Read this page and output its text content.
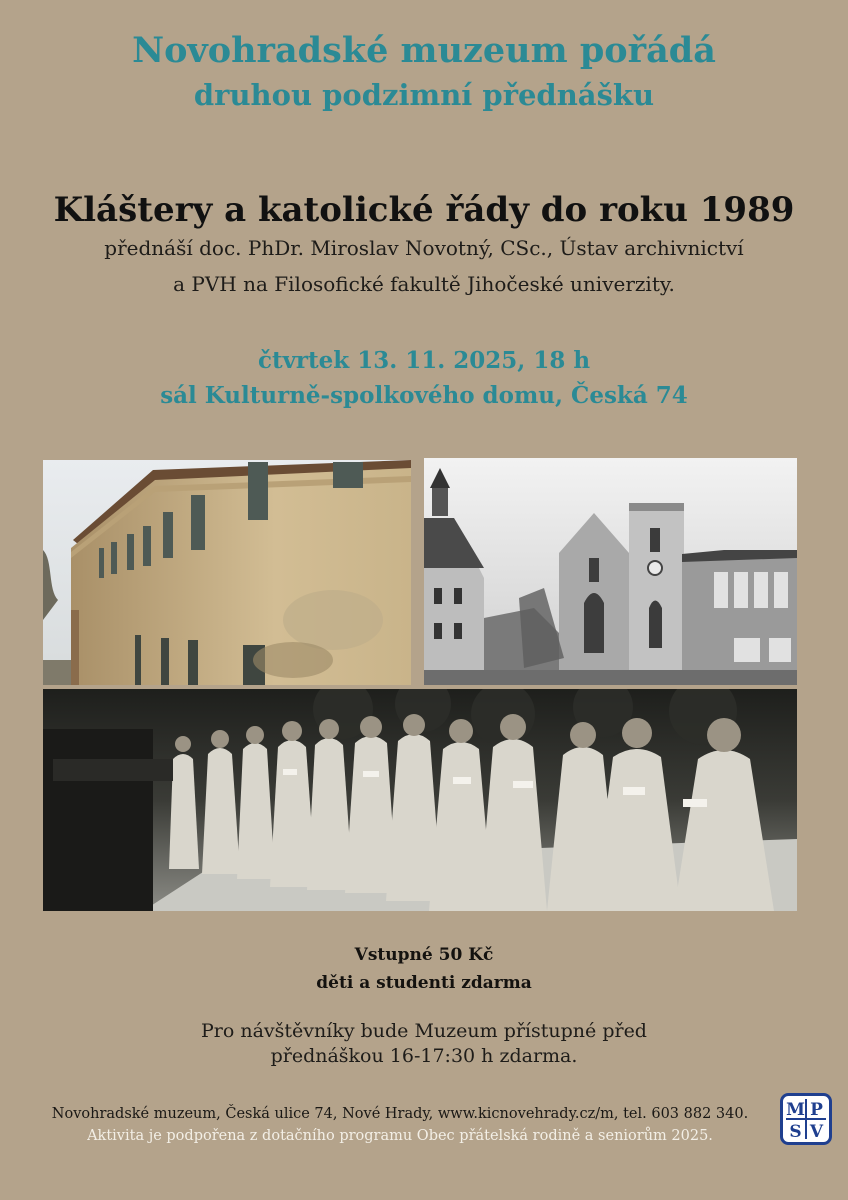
Novohradské muzeum pořádá
druhou podzimní přednášku
Kláštery a katolické řády do roku 1989
přednáší doc. PhDr. Miroslav Novotný, CSc., Ústav archivnictví
a PVH na Filosofické fakultě Jihočeské univerzity.
čtvrtek 13. 11. 2025, 18 h
sál Kulturně-spolkového domu, Česká 74
Vstupné 50 Kč
děti a studenti zdarma
Pro návštěvníky bude Muzeum přístupné před
přednáškou 16-17:30 h zdarma.
Novohradské muzeum, Česká ulice 74, Nové Hrady, www.kicnovehrady.cz/m, tel. 603 882 340.
Aktivita je podpořena z dotačního programu Obec přátelská rodině a seniorům 2025.
M P
S V
